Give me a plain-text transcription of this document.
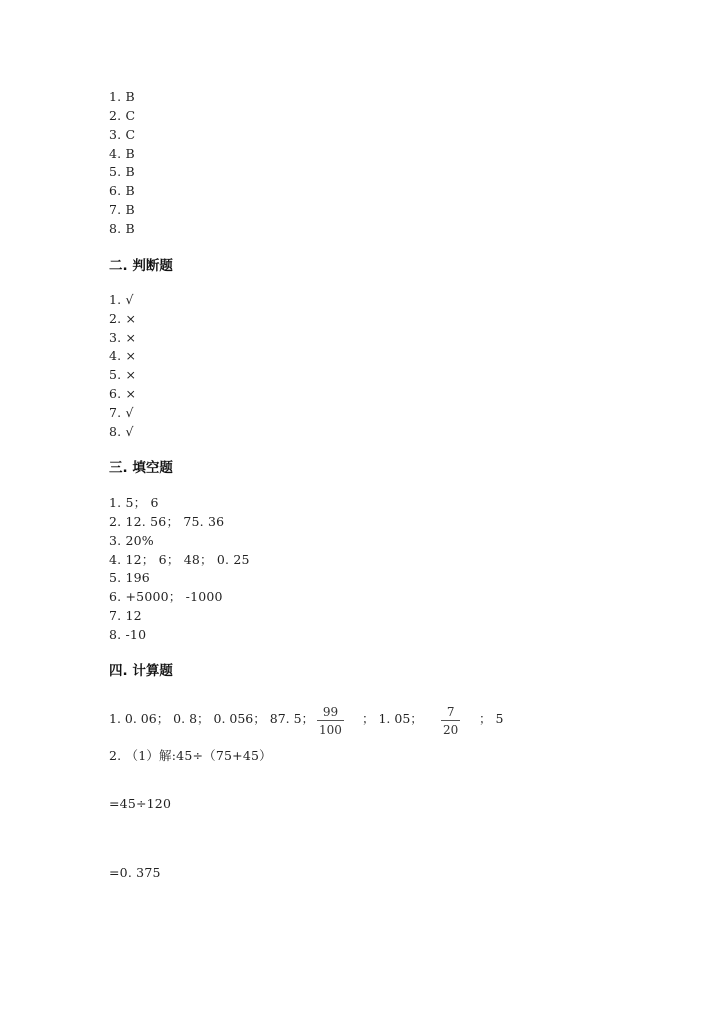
1. B
2. C
3. C
4. B
5. B
6. B
7. B
8. B
二. 判断题
1. √
2. ×
3. ×
4. ×
5. ×
6. ×
7. √
8. √
三. 填空题
1. 5； 6
2. 12. 56； 75. 36
3. 20%
4. 12； 6； 48； 0. 25
5. 196
6. +5000； -1000
7. 12
8. -10
四. 计算题
1. 0. 06； 0. 8； 0. 056； 87. 5； 99
100
； 1. 05；	7
20
； 5
2. （1）解:45÷（75+45）
=45÷120
=0. 375
